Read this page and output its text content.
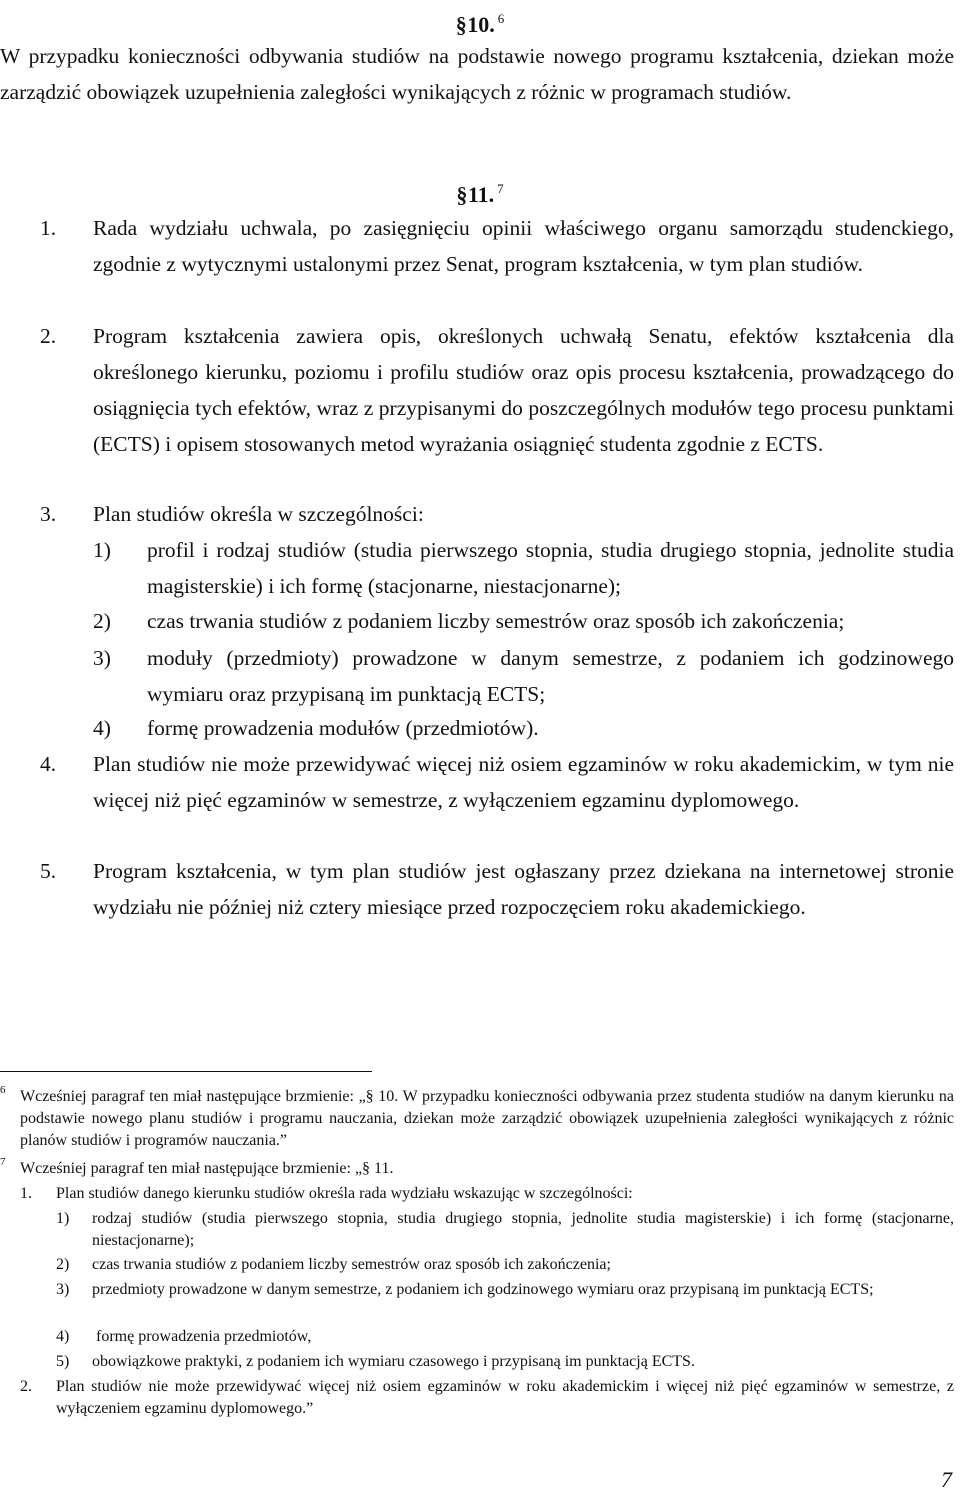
§ 10. $^6$
W przypadku konieczności odbywania studiów na podstawie nowego programu kształcenia, dziekan może zarządzić obowiązek uzupełnienia zaległości wynikających z różnic w programach studiów.
§ 11. $^7$
1. Rada wydziału uchwala, po zasięgnięciu opinii właściwego organu samorządu studenckiego, zgodnie z wytycznymi ustalonymi przez Senat, program kształcenia, w tym plan studiów.
2. Program kształcenia zawiera opis, określonych uchwałą Senatu, efektów kształcenia dla określonego kierunku, poziomu i profilu studiów oraz opis procesu kształcenia, prowadzącego do osiągnięcia tych efektów, wraz z przypisanymi do poszczególnych modułów tego procesu punktami (ECTS) i opisem stosowanych metod wyrażania osiągnięć studenta zgodnie z ECTS.
3. Plan studiów określa w szczególności:
1) profil i rodzaj studiów (studia pierwszego stopnia, studia drugiego stopnia, jednolite studia magisterskie) i ich formę (stacjonarne, niestacjonarne);
2) czas trwania studiów z podaniem liczby semestrów oraz sposób ich zakończenia;
3) moduły (przedmioty) prowadzone w danym semestrze, z podaniem ich godzinowego wymiaru oraz przypisaną im punktacją ECTS;
4) formę prowadzenia modułów (przedmiotów).
4. Plan studiów nie może przewidywać więcej niż osiem egzaminów w roku akademickim, w tym nie więcej niż pięć egzaminów w semestrze, z wyłączeniem egzaminu dyplomowego.
5. Program kształcenia, w tym plan studiów jest ogłaszany przez dziekana na internetowej stronie wydziału nie później niż cztery miesiące przed rozpoczęciem roku akademickiego.
6 Wcześniej paragraf ten miał następujące brzmienie: „§ 10. W przypadku konieczności odbywania przez studenta studiów na danym kierunku na podstawie nowego planu studiów i programu nauczania, dziekan może zarządzić obowiązek uzupełnienia zaległości wynikających z różnic planów studiów i programów nauczania.”
7 Wcześniej paragraf ten miał następujące brzmienie: „§ 11.
1. Plan studiów danego kierunku studiów określa rada wydziału wskazując w szczególności:
1) rodzaj studiów (studia pierwszego stopnia, studia drugiego stopnia, jednolite studia magisterskie) i ich formę (stacjonarne, niestacjonarne);
2) czas trwania studiów z podaniem liczby semestrów oraz sposób ich zakończenia;
3) przedmioty prowadzone w danym semestrze, z podaniem ich godzinowego wymiaru oraz przypisaną im punktacją ECTS;
4) formę prowadzenia przedmiotów,
5) obowiązkowe praktyki, z podaniem ich wymiaru czasowego i przypisaną im punktacją ECTS.
2. Plan studiów nie może przewidywać więcej niż osiem egzaminów w roku akademickim i więcej niż pięć egzaminów w semestrze, z wyłączeniem egzaminu dyplomowego.”
7
